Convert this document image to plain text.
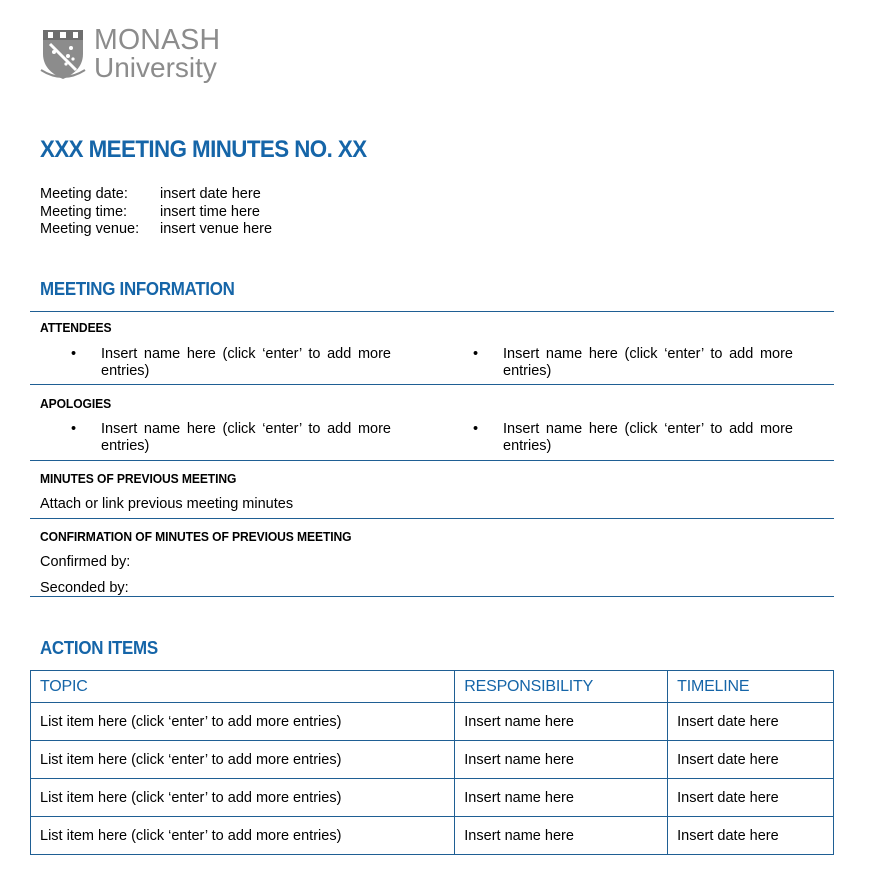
MONASH
University
XXX MEETING MINUTES NO. XX
Meeting date:	insert date here
Meeting time:	insert time here
Meeting venue:	insert venue here
MEETING INFORMATION
ATTENDEES
•	Insert name here (click ‘enter’ to add more entries)
•	Insert name here (click ‘enter’ to add more entries)
APOLOGIES
•	Insert name here (click ‘enter’ to add more entries)
•	Insert name here (click ‘enter’ to add more entries)
MINUTES OF PREVIOUS MEETING
Attach or link previous meeting minutes
CONFIRMATION OF MINUTES OF PREVIOUS MEETING
Confirmed by:
Seconded by:
ACTION ITEMS
TOPIC	RESPONSIBILITY	TIMELINE
List item here (click ‘enter’ to add more entries)	Insert name here	Insert date here
List item here (click ‘enter’ to add more entries)	Insert name here	Insert date here
List item here (click ‘enter’ to add more entries)	Insert name here	Insert date here
List item here (click ‘enter’ to add more entries)	Insert name here	Insert date here
